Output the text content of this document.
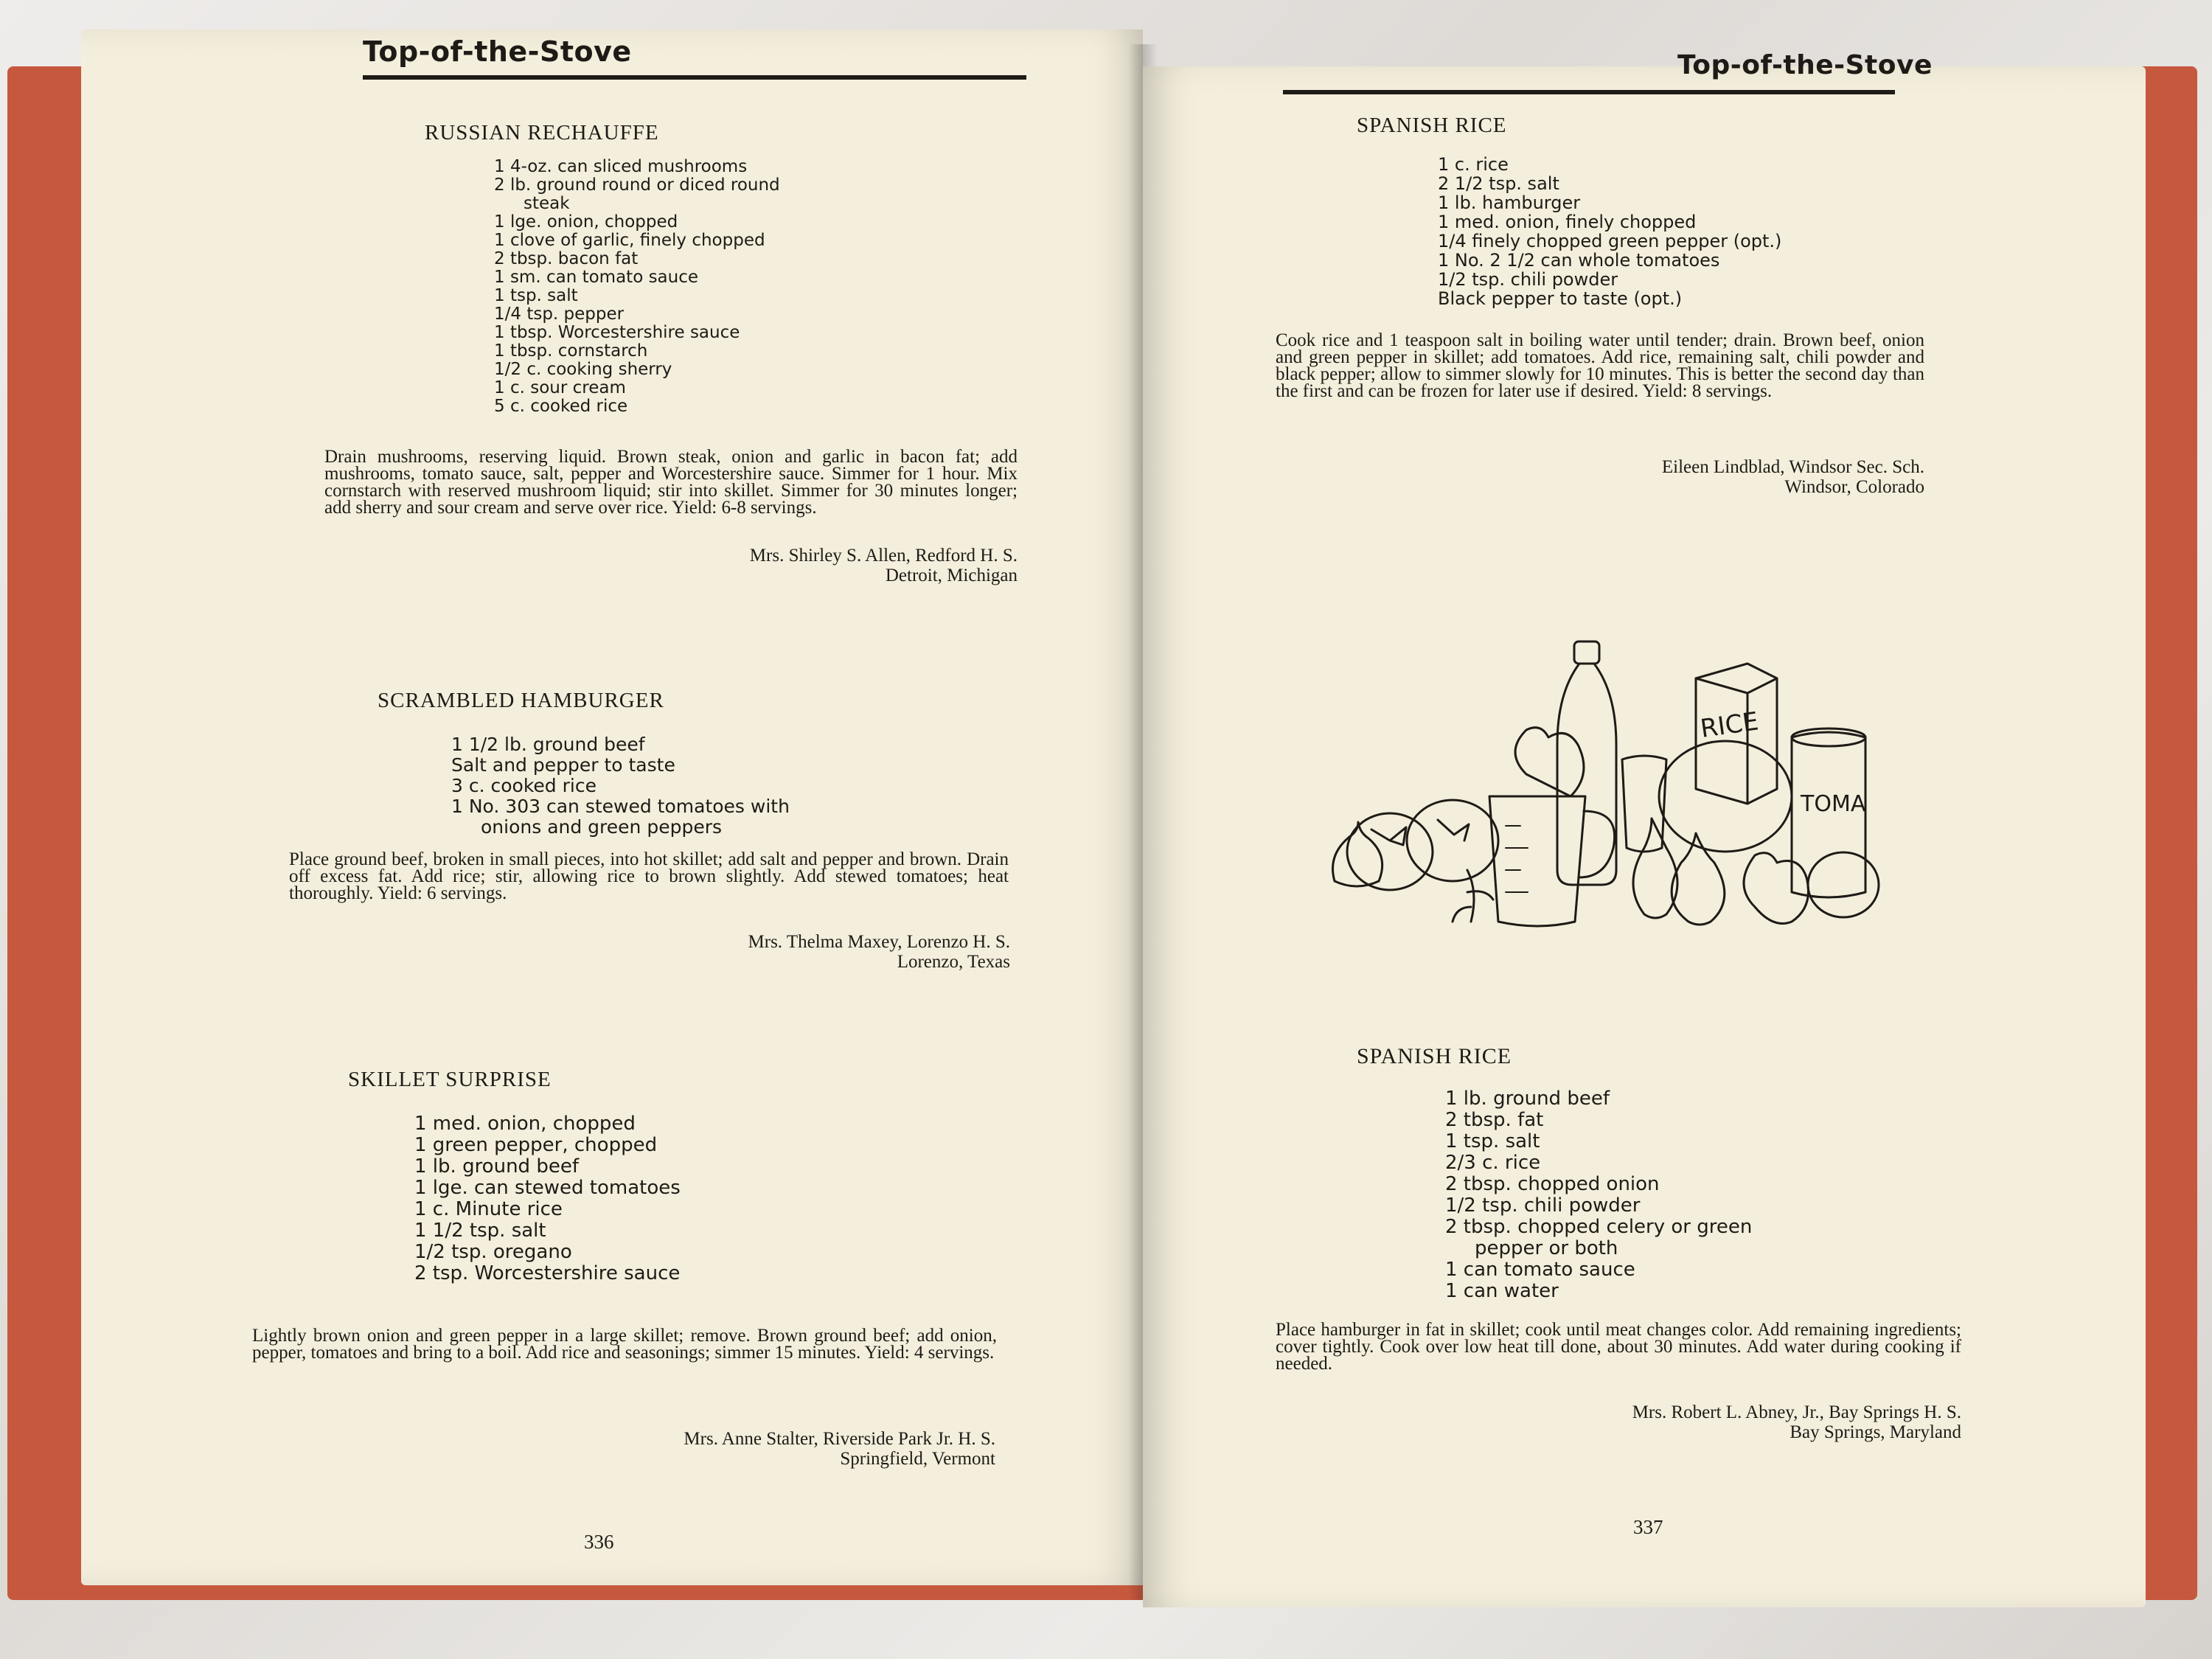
Top-of-the-Stove
RUSSIAN RECHAUFFE
1 4-oz. can sliced mushrooms
2 lb. ground round or diced round
steak
1 lge. onion, chopped
1 clove of garlic, finely chopped
2 tbsp. bacon fat
1 sm. can tomato sauce
1 tsp. salt
1/4 tsp. pepper
1 tbsp. Worcestershire sauce
1 tbsp. cornstarch
1/2 c. cooking sherry
1 c. sour cream
5 c. cooked rice

Drain mushrooms, reserving liquid. Brown steak, onion and garlic in bacon fat; add mushrooms, tomato sauce, salt, pepper and Worcestershire sauce. Simmer for 1 hour. Mix cornstarch with reserved mushroom liquid; stir into skillet. Simmer for 30 minutes longer; add sherry and sour cream and serve over rice. Yield: 6-8 servings.

Mrs. Shirley S. Allen, Redford H. S.
Detroit, Michigan

SCRAMBLED HAMBURGER
1 1/2 lb. ground beef
Salt and pepper to taste
3 c. cooked rice
1 No. 303 can stewed tomatoes with
onions and green peppers

Place ground beef, broken in small pieces, into hot skillet; add salt and pepper and brown. Drain off excess fat. Add rice; stir, allowing rice to brown slightly. Add stewed tomatoes; heat thoroughly. Yield: 6 servings.

Mrs. Thelma Maxey, Lorenzo H. S.
Lorenzo, Texas

SKILLET SURPRISE
1 med. onion, chopped
1 green pepper, chopped
1 lb. ground beef
1 lge. can stewed tomatoes
1 c. Minute rice
1 1/2 tsp. salt
1/2 tsp. oregano
2 tsp. Worcestershire sauce

Lightly brown onion and green pepper in a large skillet; remove. Brown ground beef; add onion, pepper, tomatoes and bring to a boil. Add rice and seasonings; simmer 15 minutes. Yield: 4 servings.

Mrs. Anne Stalter, Riverside Park Jr. H. S.
Springfield, Vermont

336
Top-of-the-Stove
SPANISH RICE
1 c. rice
2 1/2 tsp. salt
1 lb. hamburger
1 med. onion, finely chopped
1/4 finely chopped green pepper (opt.)
1 No. 2 1/2 can whole tomatoes
1/2 tsp. chili powder
Black pepper to taste (opt.)

Cook rice and 1 teaspoon salt in boiling water until tender; drain. Brown beef, onion and green pepper in skillet; add tomatoes. Add rice, remaining salt, chili powder and black pepper; allow to simmer slowly for 10 minutes. This is better the second day than the first and can be frozen for later use if desired. Yield: 8 servings.

Eileen Lindblad, Windsor Sec. Sch.
Windsor, Colorado

RICE
TOMA
SPANISH RICE
1 lb. ground beef
2 tbsp. fat
1 tsp. salt
2/3 c. rice
2 tbsp. chopped onion
1/2 tsp. chili powder
2 tbsp. chopped celery or green
pepper or both
1 can tomato sauce
1 can water

Place hamburger in fat in skillet; cook until meat changes color. Add remaining ingredients; cover tightly. Cook over low heat till done, about 30 minutes. Add water during cooking if needed.

Mrs. Robert L. Abney, Jr., Bay Springs H. S.
Bay Springs, Maryland

337
